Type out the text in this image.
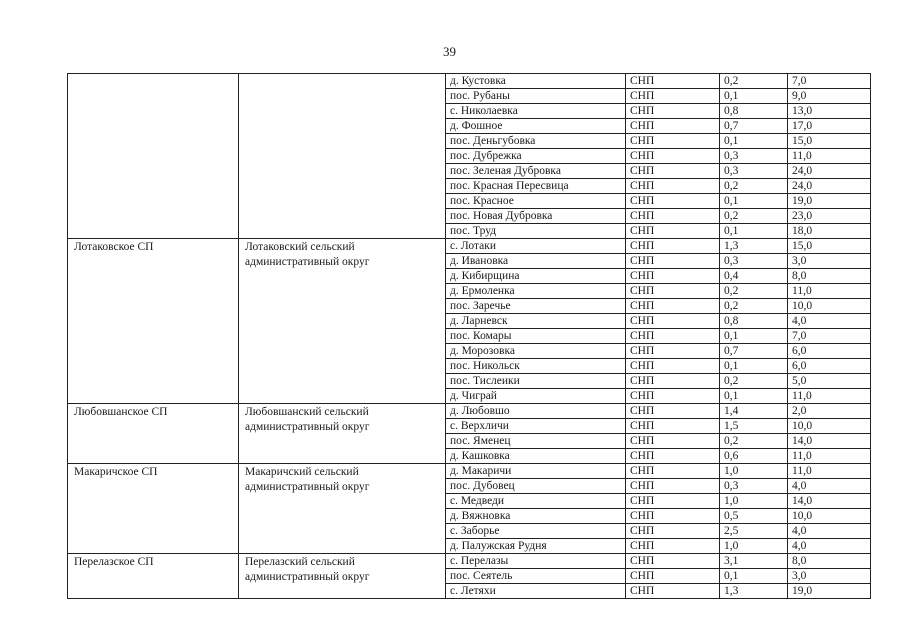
39
		д. Кустовка	СНП	0,2	7,0
		пос. Рубаны	СНП	0,1	9,0
		с. Николаевка	СНП	0,8	13,0
		д. Фошное	СНП	0,7	17,0
		пос. Деньгубовка	СНП	0,1	15,0
		пос. Дубрежка	СНП	0,3	11,0
		пос. Зеленая Дубровка	СНП	0,3	24,0
		пос. Красная Пересвица	СНП	0,2	24,0
		пос. Красное	СНП	0,1	19,0
		пос. Новая Дубровка	СНП	0,2	23,0
		пос. Труд	СНП	0,1	18,0
Лотаковское СП	Лотаковский сельский административный округ	с. Лотаки	СНП	1,3	15,0
		д. Ивановка	СНП	0,3	3,0
		д. Кибирщина	СНП	0,4	8,0
		д. Ермоленка	СНП	0,2	11,0
		пос. Заречье	СНП	0,2	10,0
		д. Ларневск	СНП	0,8	4,0
		пос. Комары	СНП	0,1	7,0
		д. Морозовка	СНП	0,7	6,0
		пос. Никольск	СНП	0,1	6,0
		пос. Тислеики	СНП	0,2	5,0
		д. Чиграй	СНП	0,1	11,0
Любовшанское СП	Любовшанский сельский административный округ	д. Любовшо	СНП	1,4	2,0
		с. Верхличи	СНП	1,5	10,0
		пос. Яменец	СНП	0,2	14,0
		д. Кашковка	СНП	0,6	11,0
Макаричское СП	Макаричский сельский административный округ	д. Макаричи	СНП	1,0	11,0
		пос. Дубовец	СНП	0,3	4,0
		с. Медведи	СНП	1,0	14,0
		д. Вяжновка	СНП	0,5	10,0
		с. Заборье	СНП	2,5	4,0
		д. Палужская Рудня	СНП	1,0	4,0
Перелазское СП	Перелазский сельский административный округ	с. Перелазы	СНП	3,1	8,0
		пос. Сеятель	СНП	0,1	3,0
		с. Летяхи	СНП	1,3	19,0
